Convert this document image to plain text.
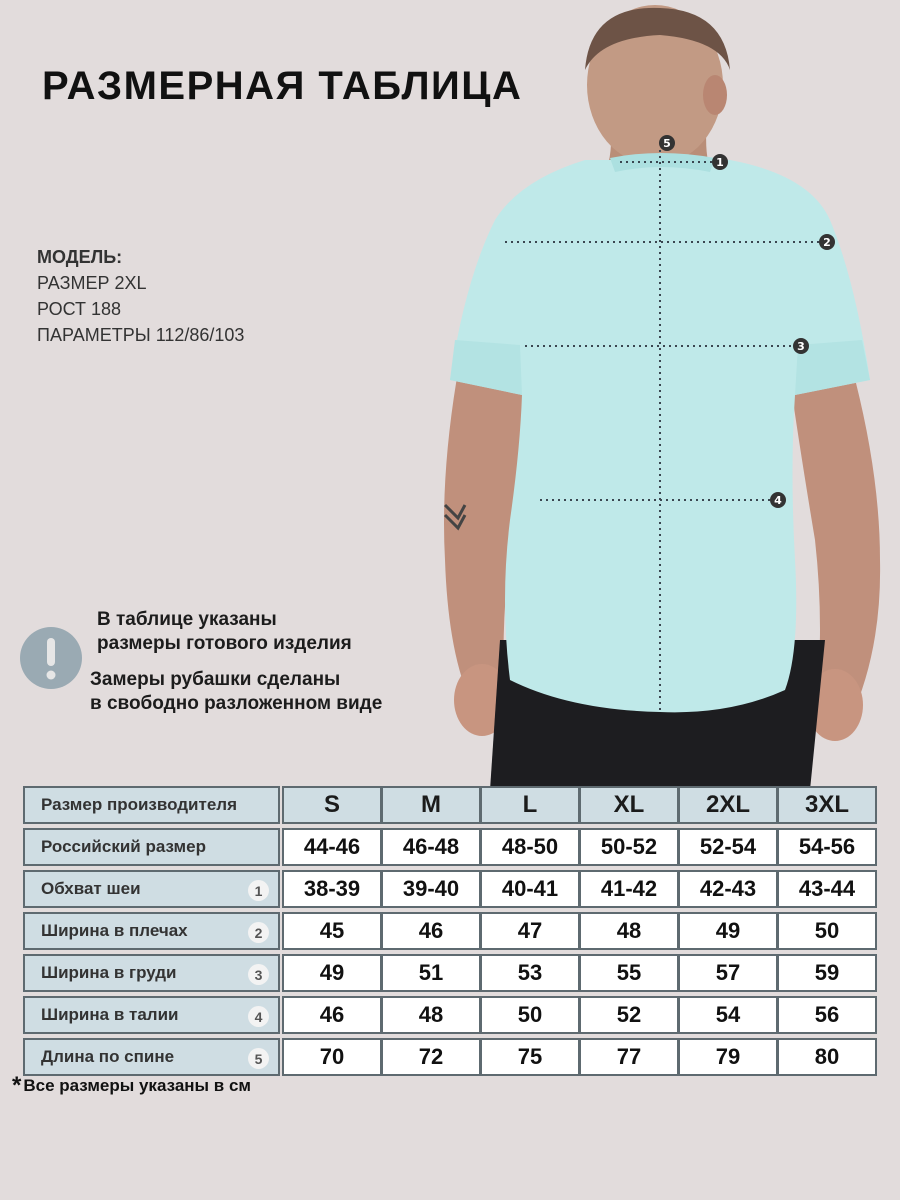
РАЗМЕРНАЯ ТАБЛИЦА
МОДЕЛЬ:
РАЗМЕР 2XL
РОСТ 188
ПАРАМЕТРЫ 112/86/103
1
2
3
4
5
В таблице указаны
размеры готового изделия
Замеры рубашки сделаны
в свободно разложенном виде
Размер производителя	S	M	L	XL	2XL	3XL
Российский размер	44-46	46-48	48-50	50-52	52-54	54-56
Обхват шеи	1	38-39	39-40	40-41	41-42	42-43	43-44
Ширина в плечах	2	45	46	47	48	49	50
Ширина в груди	3	49	51	53	55	57	59
Ширина в талии	4	46	48	50	52	54	56
Длина по спине	5	70	72	75	77	79	80
* Все размеры указаны в см
